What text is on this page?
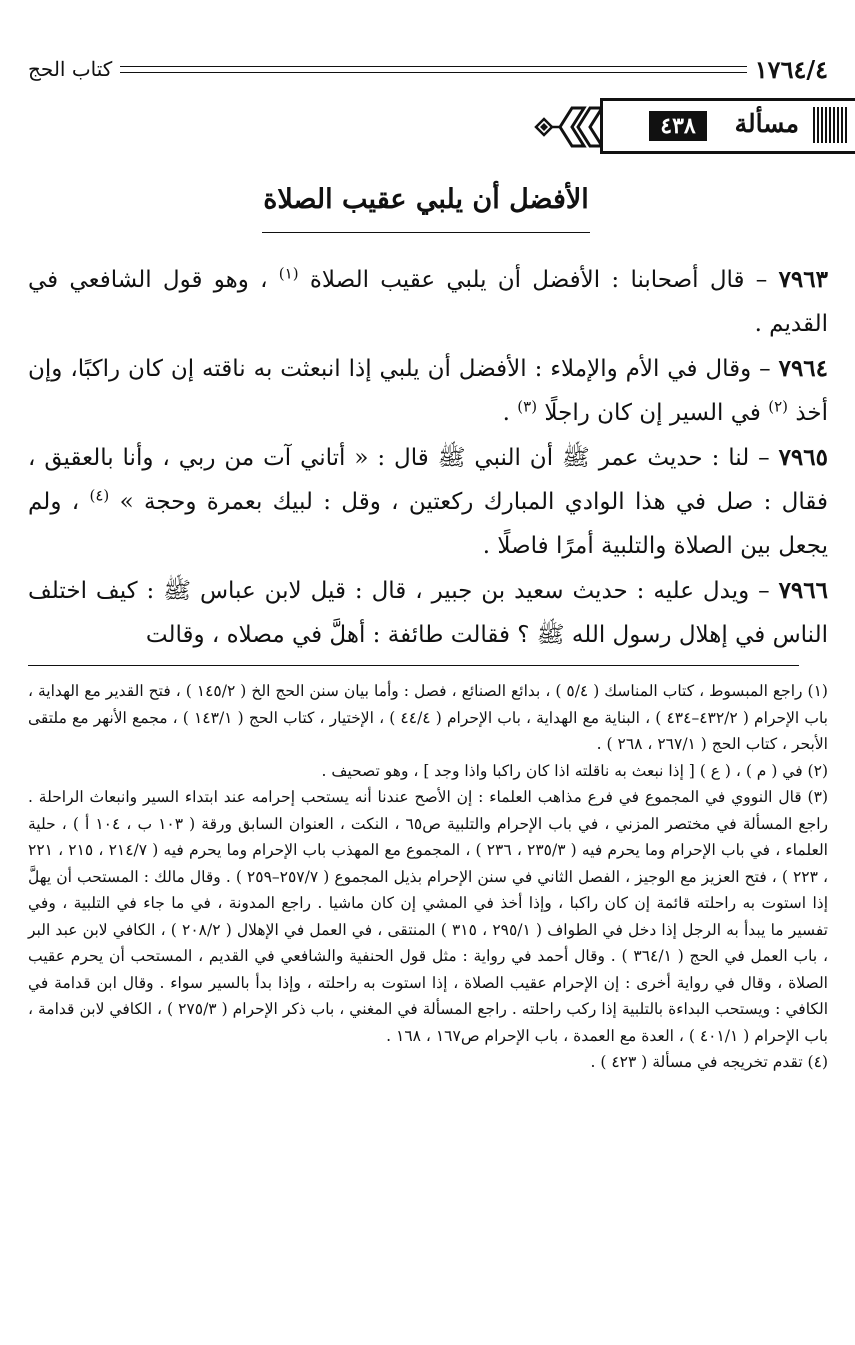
كتاب الحج	١٧٦٤/٤
مسألة
٤٣٨
الأفضل أن يلبي عقيب الصلاة

٧٩٦٣ – قال أصحابنا : الأفضل أن يلبي عقيب الصلاة $^{(١)}$ ، وهو قول الشافعي في القديم .

٧٩٦٤ – وقال في الأم والإملاء : الأفضل أن يلبي إذا انبعثت به ناقته إن كان راكبًا، وإن أخذ $^{(٢)}$ في السير إن كان راجلًا $^{(٣)}$ .

٧٩٦٥ – لنا : حديث عمر ﷺ أن النبي ﷺ قال : « أتاني آت من ربي ، وأنا بالعقيق ، فقال : صل في هذا الوادي المبارك ركعتين ، وقل : لبيك بعمرة وحجة » $^{(٤)}$ ، ولم يجعل بين الصلاة والتلبية أمرًا فاصلًا .

٧٩٦٦ – ويدل عليه : حديث سعيد بن جبير ، قال : قيل لابن عباس ﷺ : كيف اختلف الناس في إهلال رسول الله ﷺ ؟ فقالت طائفة : أهلَّ في مصلاه ، وقالت

(١) راجع المبسوط ، كتاب المناسك ( ٥/٤ ) ، بدائع الصنائع ، فصل : وأما بيان سنن الحج الخ ( ١٤٥/٢ ) ، فتح القدير مع الهداية ، باب الإحرام ( ٤٣٢/٢–٤٣٤ ) ، البناية مع الهداية ، باب الإحرام ( ٤٤/٤ ) ، الإختيار ، كتاب الحج ( ١٤٣/١ ) ، مجمع الأنهر مع ملتقى الأبحر ، كتاب الحج ( ٢٦٧/١ ، ٢٦٨ ) .

(٢) في ( م ) ، ( ع ) [ إذا نبعث به ناقلته اذا كان راكبا واذا وجد ] ، وهو تصحيف .

(٣) قال النووي في المجموع في فرع مذاهب العلماء : إن الأصح عندنا أنه يستحب إحرامه عند ابتداء السير وانبعاث الراحلة . راجع المسألة في مختصر المزني ، في باب الإحرام والتلبية ص٦٥ ، النكت ، العنوان السابق ورقة ( ١٠٣ ب ، ١٠٤ أ ) ، حلية العلماء ، في باب الإحرام وما يحرم فيه ( ٢٣٥/٣ ، ٢٣٦ ) ، المجموع مع المهذب باب الإحرام وما يحرم فيه ( ٢١٤/٧ ، ٢١٥ ، ٢٢١ ، ٢٢٣ ) ، فتح العزيز مع الوجيز ، الفصل الثاني في سنن الإحرام بذيل المجموع ( ٢٥٧/٧–٢٥٩ ) . وقال مالك : المستحب أن يهلَّ إذا استوت به راحلته قائمة إن كان راكبا ، وإذا أخذ في المشي إن كان ماشيا . راجع المدونة ، في ما جاء في التلبية ، وفي تفسير ما يبدأ به الرجل إذا دخل في الطواف ( ٢٩٥/١ ، ٣١٥ ) المنتقى ، في العمل في الإهلال ( ٢٠٨/٢ ) ، الكافي لابن عبد البر ، باب العمل في الحج ( ٣٦٤/١ ) . وقال أحمد في رواية : مثل قول الحنفية والشافعي في القديم ، المستحب أن يحرم عقيب الصلاة ، وقال في رواية أخرى : إن الإحرام عقيب الصلاة ، إذا استوت به راحلته ، وإذا بدأ بالسير سواء . وقال ابن قدامة في الكافي : ويستحب البداءة بالتلبية إذا ركب راحلته . راجع المسألة في المغني ، باب ذكر الإحرام ( ٢٧٥/٣ ) ، الكافي لابن قدامة ، باب الإحرام ( ٤٠١/١ ) ، العدة مع العمدة ، باب الإحرام ص١٦٧ ، ١٦٨ .

(٤) تقدم تخريجه في مسألة ( ٤٢٣ ) .
